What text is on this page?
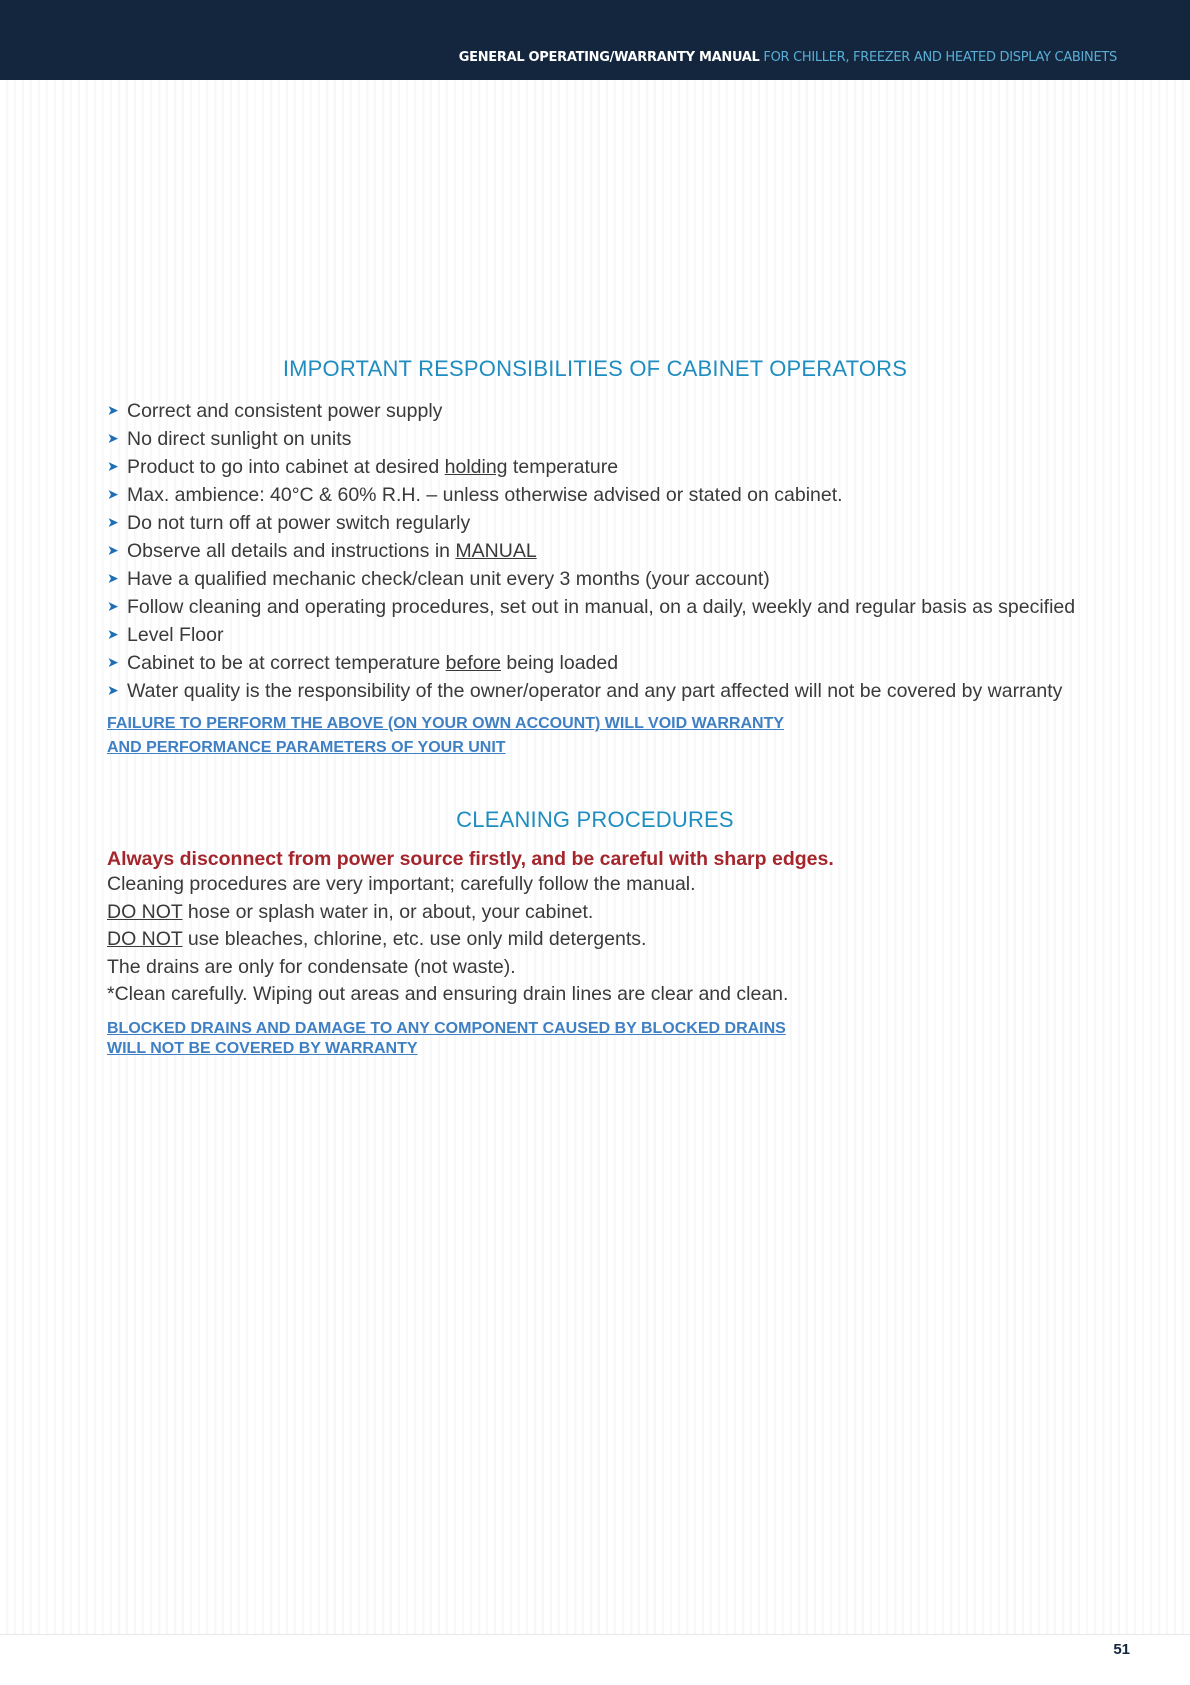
GENERAL OPERATING/WARRANTY MANUAL FOR CHILLER, FREEZER AND HEATED DISPLAY CABINETS
IMPORTANT RESPONSIBILITIES OF CABINET OPERATORS
➤ Correct and consistent power supply
➤ No direct sunlight on units
➤ Product to go into cabinet at desired holding temperature
➤ Max. ambience: 40°C & 60% R.H. – unless otherwise advised or stated on cabinet.
➤ Do not turn off at power switch regularly
➤ Observe all details and instructions in MANUAL
➤ Have a qualified mechanic check/clean unit every 3 months (your account)
➤ Follow cleaning and operating procedures, set out in manual, on a daily, weekly and regular basis as specified
➤ Level Floor
➤ Cabinet to be at correct temperature before being loaded
➤ Water quality is the responsibility of the owner/operator and any part affected will not be covered by warranty
FAILURE TO PERFORM THE ABOVE (ON YOUR OWN ACCOUNT) WILL VOID WARRANTY
AND PERFORMANCE PARAMETERS OF YOUR UNIT
CLEANING PROCEDURES
Always disconnect from power source firstly, and be careful with sharp edges.
Cleaning procedures are very important; carefully follow the manual.
DO NOT hose or splash water in, or about, your cabinet.
DO NOT use bleaches, chlorine, etc. use only mild detergents.
The drains are only for condensate (not waste).
*Clean carefully. Wiping out areas and ensuring drain lines are clear and clean.
BLOCKED DRAINS AND DAMAGE TO ANY COMPONENT CAUSED BY BLOCKED DRAINS
WILL NOT BE COVERED BY WARRANTY
51
